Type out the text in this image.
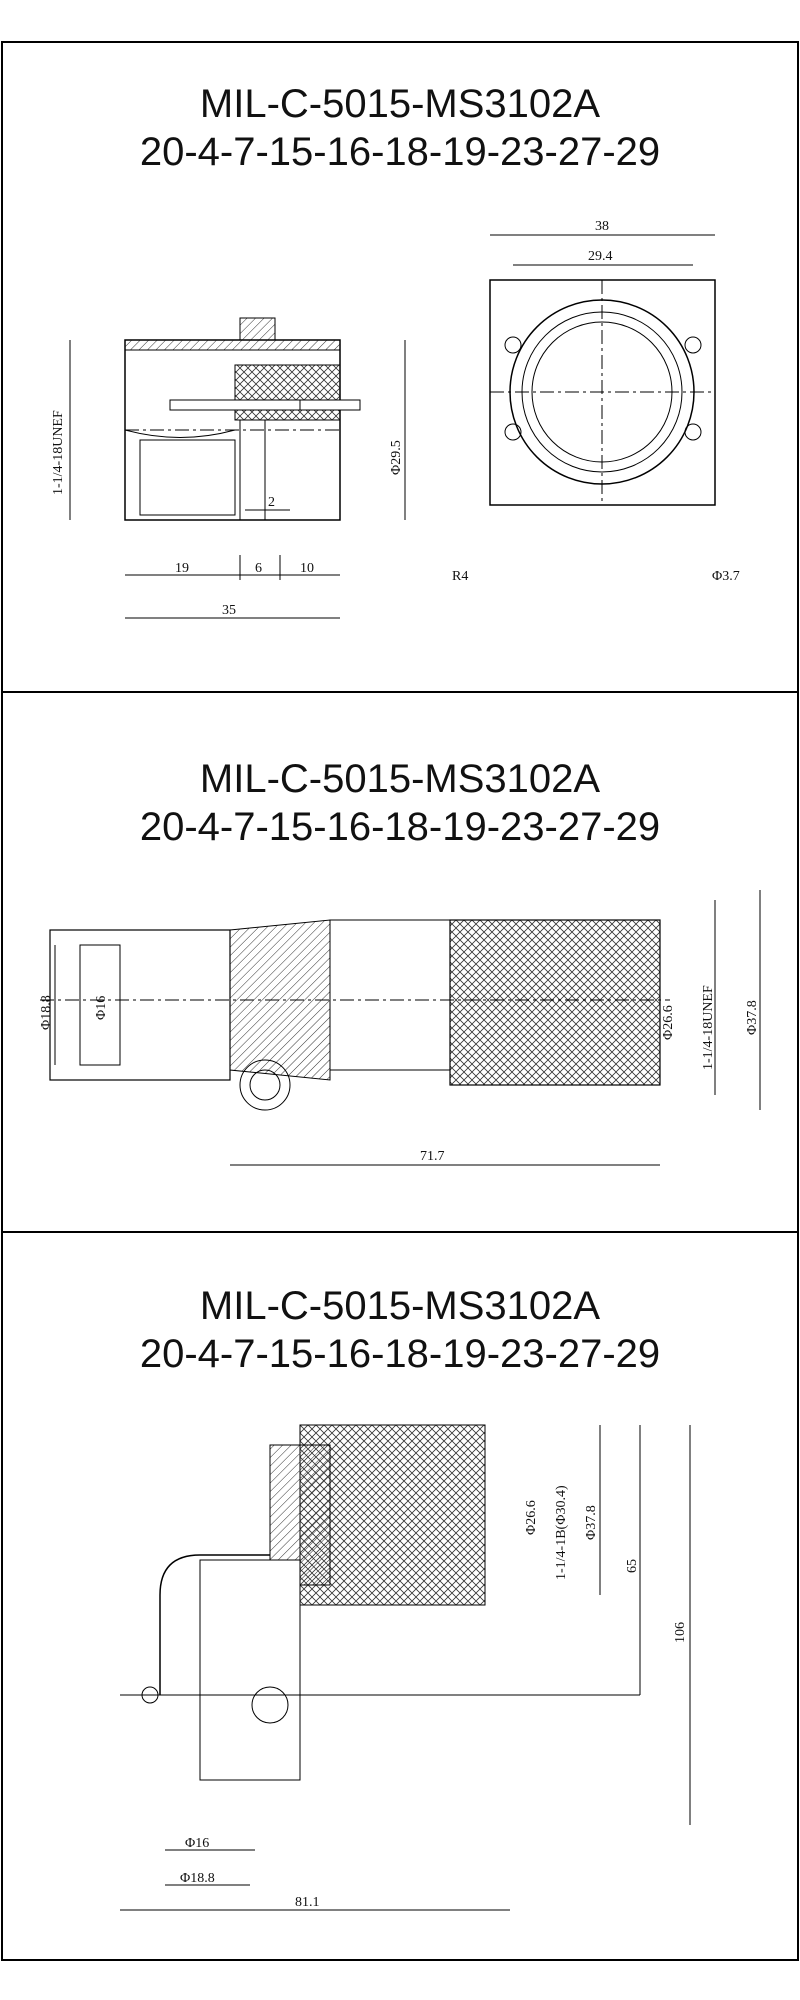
MIL-C-5015-MS3102A
20-4-7-15-16-18-19-23-27-29
1-1/4-18UNEF	Φ29.5
2
19	6	10
35
38
29.4
R4	Φ3.7
MIL-C-5015-MS3102A
20-4-7-15-16-18-19-23-27-29
Φ18.8	Φ16	Φ26.6 1-1/4-18UNEF Φ37.8
71.7
MIL-C-5015-MS3102A
20-4-7-15-16-18-19-23-27-29
Φ26.6 1-1/4-1B(Φ30.4) Φ37.8
65
106
Φ16
Φ18.8
81.1
